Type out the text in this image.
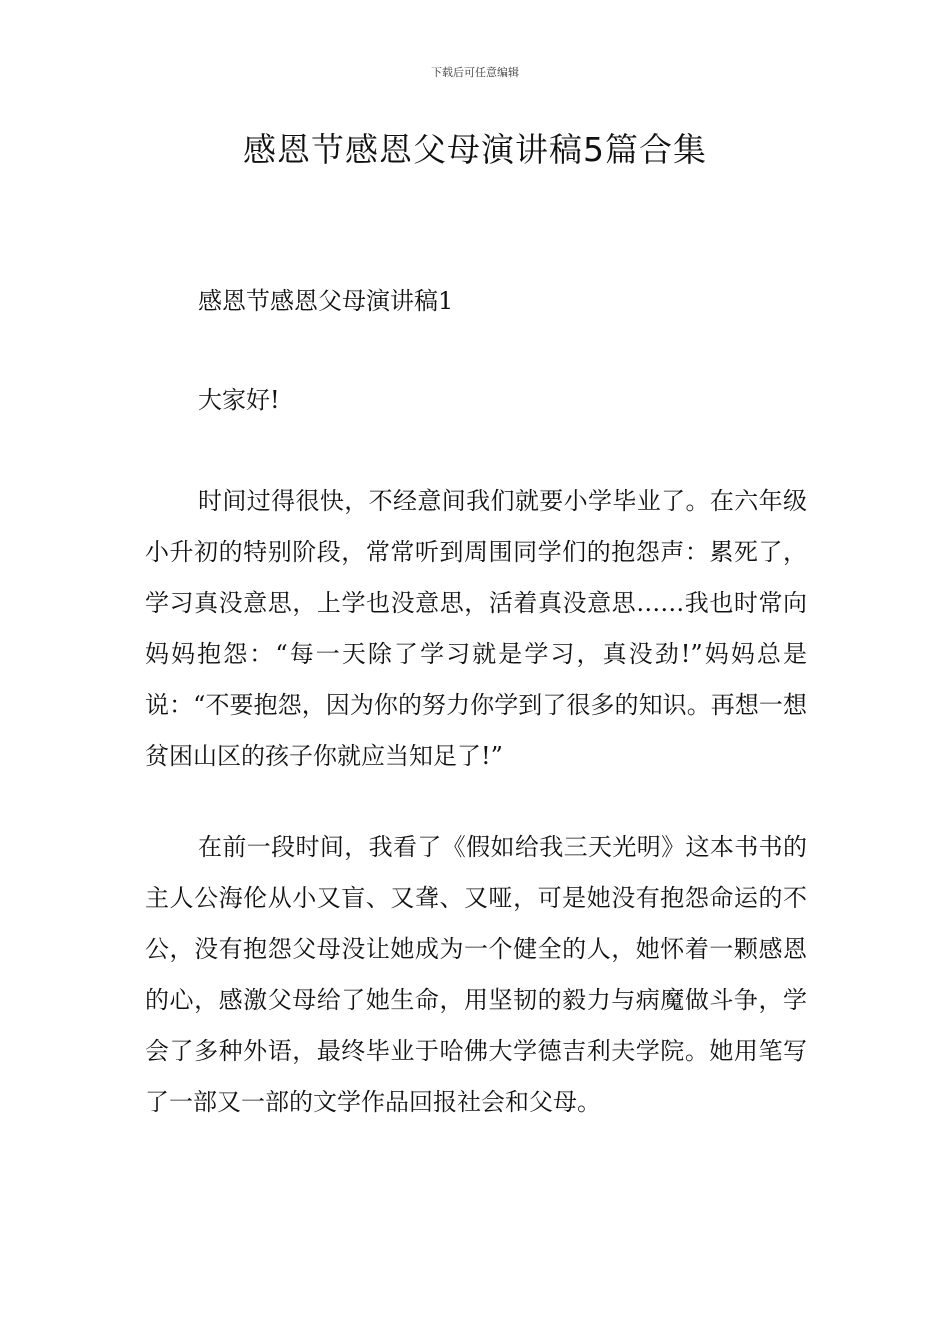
下载后可任意编辑
感恩节感恩父母演讲稿5篇合集
感恩节感恩父母演讲稿1

大家好!

时间过得很快，不经意间我们就要小学毕业了。在六年级小升初的特别阶段，常常听到周围同学们的抱怨声：累死了，学习真没意思，上学也没意思，活着真没意思……我也时常向妈妈抱怨：“每一天除了学习就是学习，真没劲!”妈妈总是说：“不要抱怨，因为你的努力你学到了很多的知识。再想一想贫困山区的孩子你就应当知足了!”

在前一段时间，我看了《假如给我三天光明》这本书书的主人公海伦从小又盲、又聋、又哑，可是她没有抱怨命运的不公，没有抱怨父母没让她成为一个健全的人，她怀着一颗感恩的心，感激父母给了她生命，用坚韧的毅力与病魔做斗争，学会了多种外语，最终毕业于哈佛大学德吉利夫学院。她用笔写了一部又一部的文学作品回报社会和父母。
